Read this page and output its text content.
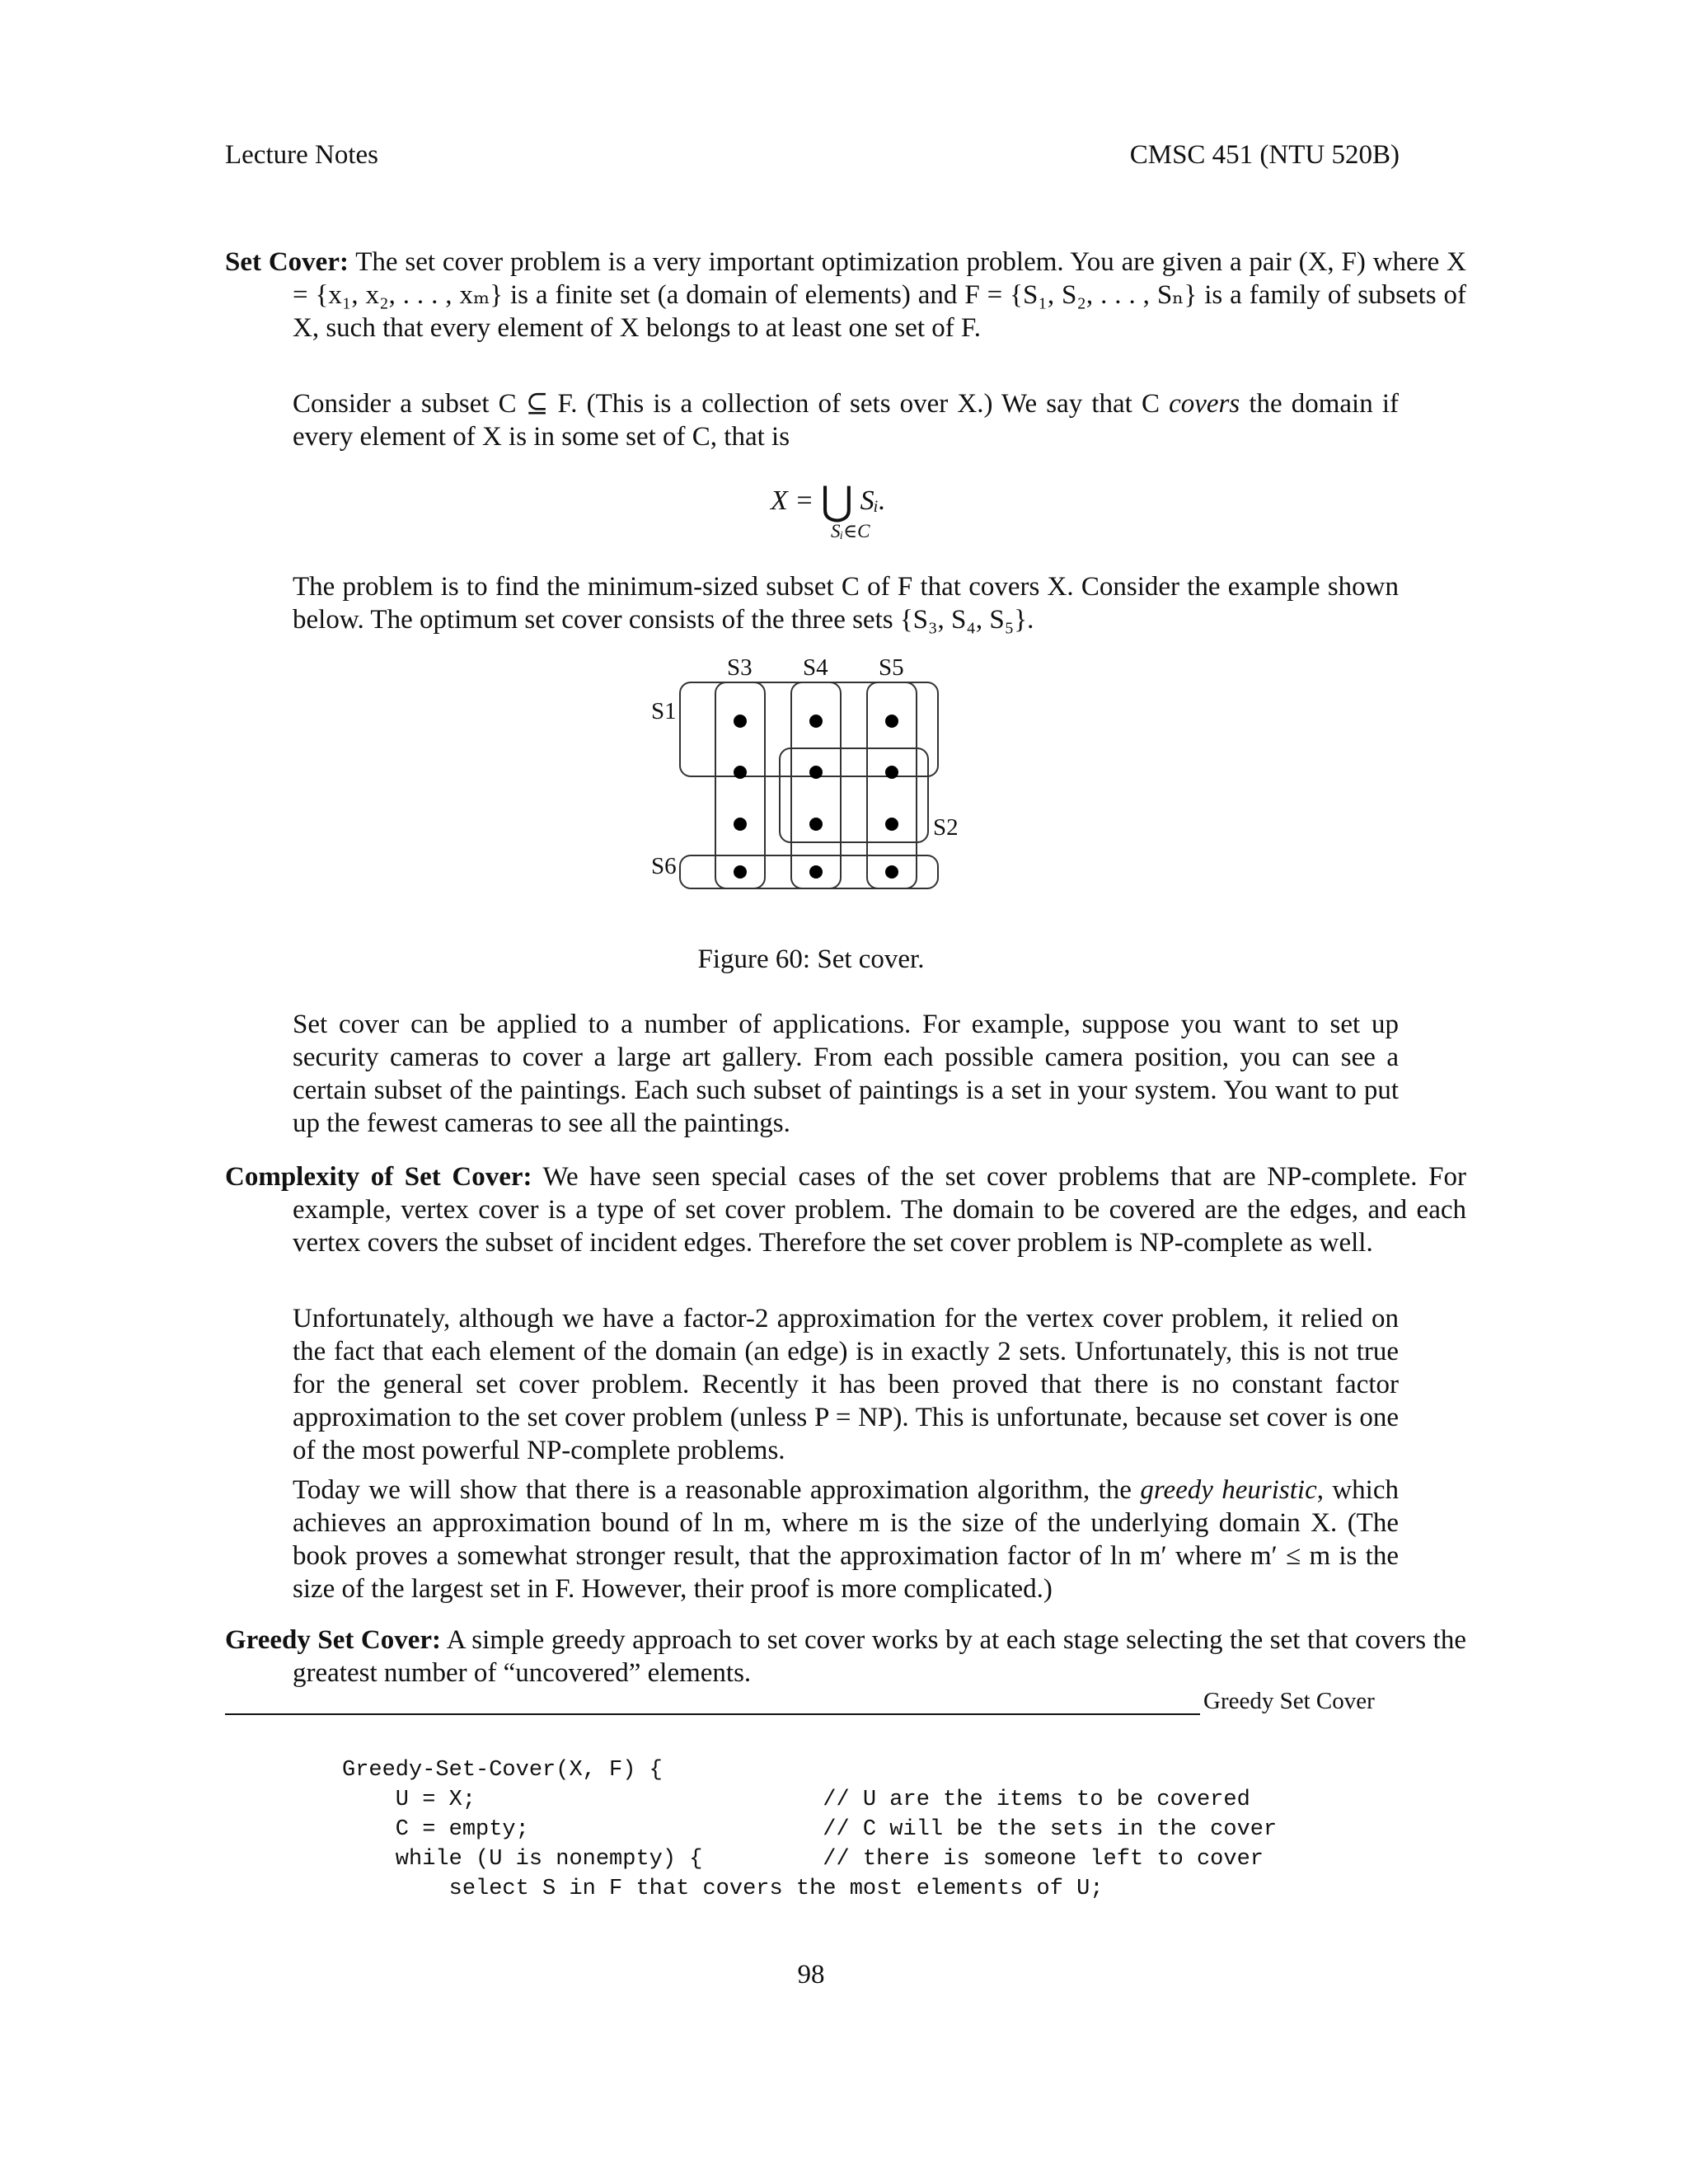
Lecture Notes	CMSC 451 (NTU 520B)
Set Cover: The set cover problem is a very important optimization problem. You are given a pair (X, F) where X = {x₁, x₂, . . . , xₘ} is a finite set (a domain of elements) and F = {S₁, S₂, . . . , Sₙ} is a family of subsets of X, such that every element of X belongs to at least one set of F.
Consider a subset C ⊆ F. (This is a collection of sets over X.) We say that C covers the domain if every element of X is in some set of C, that is
X = ⋃ Sᵢ.
Sᵢ∈C
The problem is to find the minimum-sized subset C of F that covers X. Consider the example shown below. The optimum set cover consists of the three sets {S₃, S₄, S₅}.
S3 S4 S5
S1
S2
S6
Figure 60: Set cover.
Set cover can be applied to a number of applications. For example, suppose you want to set up security cameras to cover a large art gallery. From each possible camera position, you can see a certain subset of the paintings. Each such subset of paintings is a set in your system. You want to put up the fewest cameras to see all the paintings.
Complexity of Set Cover: We have seen special cases of the set cover problems that are NP-complete. For example, vertex cover is a type of set cover problem. The domain to be covered are the edges, and each vertex covers the subset of incident edges. Therefore the set cover problem is NP-complete as well.
Unfortunately, although we have a factor-2 approximation for the vertex cover problem, it relied on the fact that each element of the domain (an edge) is in exactly 2 sets. Unfortunately, this is not true for the general set cover problem. Recently it has been proved that there is no constant factor approximation to the set cover problem (unless P = NP). This is unfortunate, because set cover is one of the most powerful NP-complete problems.
Today we will show that there is a reasonable approximation algorithm, the greedy heuristic, which achieves an approximation bound of ln m, where m is the size of the underlying domain X. (The book proves a somewhat stronger result, that the approximation factor of ln m′ where m′ ≤ m is the size of the largest set in F. However, their proof is more complicated.)
Greedy Set Cover: A simple greedy approach to set cover works by at each stage selecting the set that covers the greatest number of “uncovered” elements.
Greedy Set Cover
Greedy-Set-Cover(X, F) {
U = X;                          // U are the items to be covered
C = empty;                      // C will be the sets in the cover
while (U is nonempty) {         // there is someone left to cover
select S in F that covers the most elements of U;
98
